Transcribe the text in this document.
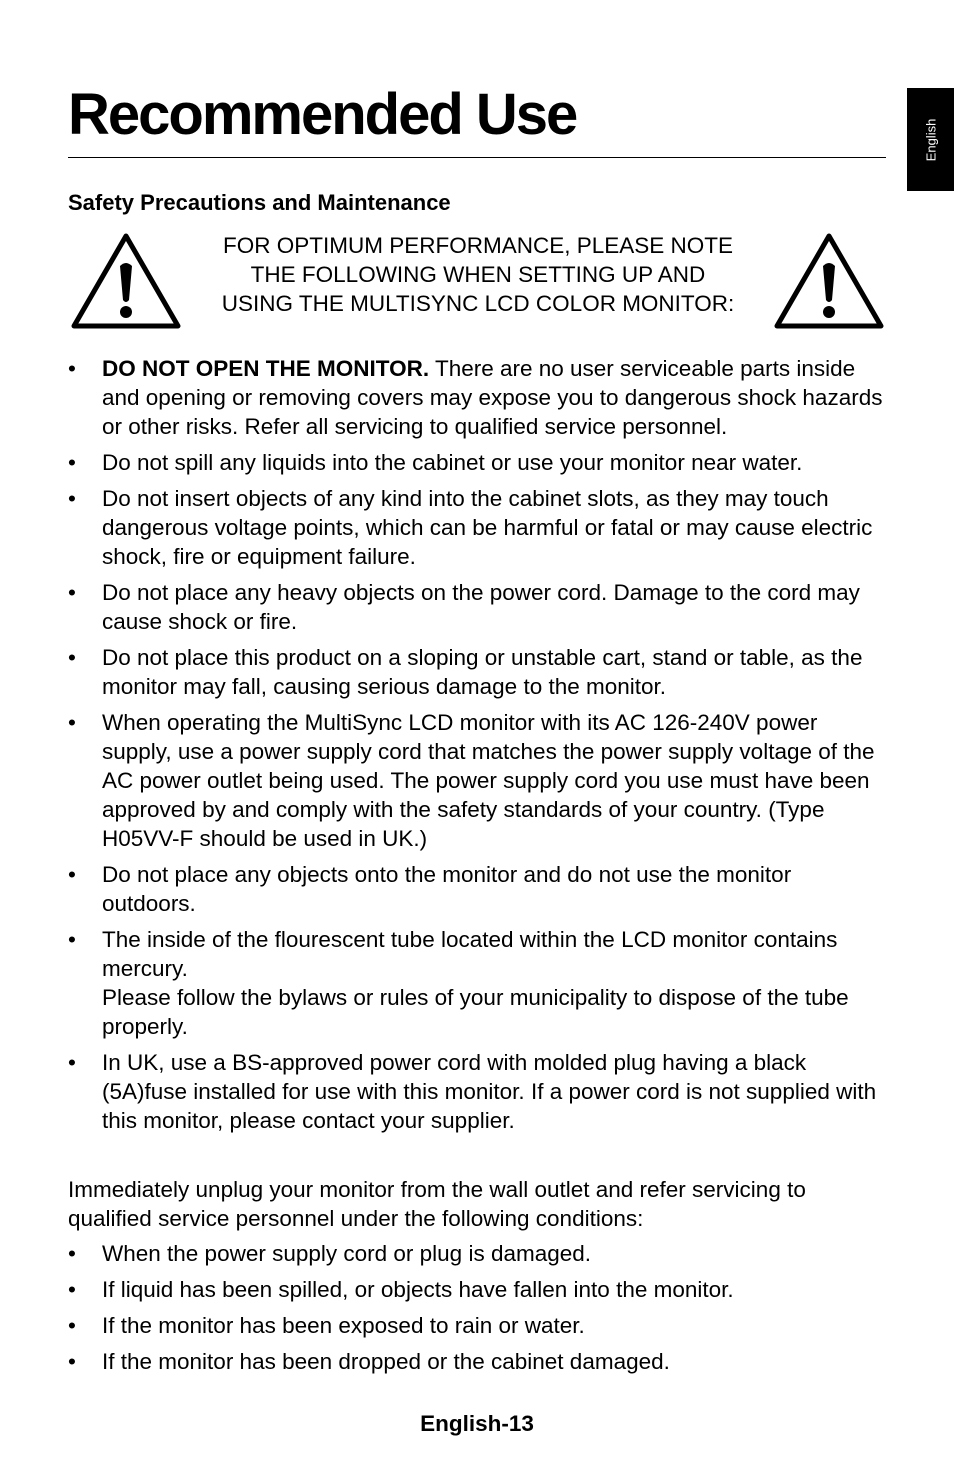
English
Recommended Use
Safety Precautions and Maintenance
FOR OPTIMUM PERFORMANCE, PLEASE NOTE
THE FOLLOWING WHEN SETTING UP AND
USING THE MULTISYNC LCD COLOR MONITOR:
• DO NOT OPEN THE MONITOR. There are no user serviceable parts inside and opening or removing covers may expose you to dangerous shock hazards or other risks. Refer all servicing to qualified service personnel.
• Do not spill any liquids into the cabinet or use your monitor near water.
• Do not insert objects of any kind into the cabinet slots, as they may touch dangerous voltage points, which can be harmful or fatal or may cause electric shock, fire or equipment failure.
• Do not place any heavy objects on the power cord. Damage to the cord may cause shock or fire.
• Do not place this product on a sloping or unstable cart, stand or table, as the monitor may fall, causing serious damage to the monitor.
• When operating the MultiSync LCD monitor with its AC 126-240V power supply, use a power supply cord that matches the power supply voltage of the AC power outlet being used. The power supply cord you use must have been approved by and comply with the safety standards of your country. (Type H05VV-F should be used in UK.)
• Do not place any objects onto the monitor and do not use the monitor outdoors.
• The inside of the flourescent tube located within the LCD monitor contains mercury.
Please follow the bylaws or rules of your municipality to dispose of the tube properly.
• In UK, use a BS-approved power cord with molded plug having a black (5A)fuse installed for use with this monitor. If a power cord is not supplied with this monitor, please contact your supplier.

Immediately unplug your monitor from the wall outlet and refer servicing to qualified service personnel under the following conditions:

• When the power supply cord or plug is damaged.
• If liquid has been spilled, or objects have fallen into the monitor.
• If the monitor has been exposed to rain or water.
• If the monitor has been dropped or the cabinet damaged.
English-13
